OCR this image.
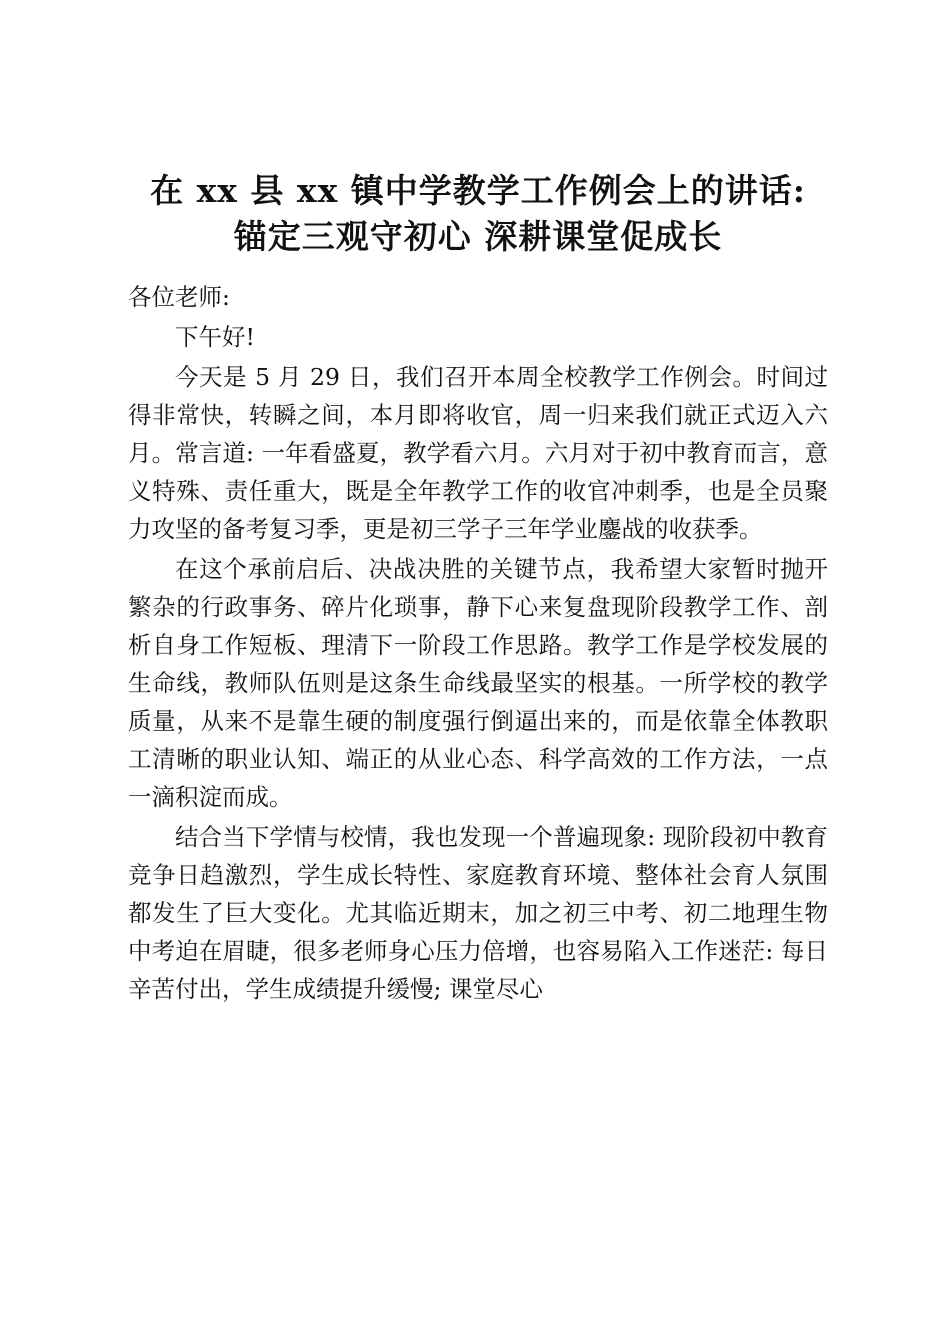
在 xx 县 xx 镇中学教学工作例会上的讲话:
锚定三观守初心 深耕课堂促成长

各位老师:

下午好!

今天是 5 月 29 日，我们召开本周全校教学工作例会。时间过得非常快，转瞬之间，本月即将收官，周一归来我们就正式迈入六月。常言道: 一年看盛夏，教学看六月。六月对于初中教育而言，意义特殊、责任重大，既是全年教学工作的收官冲刺季，也是全员聚力攻坚的备考复习季，更是初三学子三年学业鏖战的收获季。

在这个承前启后、决战决胜的关键节点，我希望大家暂时抛开繁杂的行政事务、碎片化琐事，静下心来复盘现阶段教学工作、剖析自身工作短板、理清下一阶段工作思路。教学工作是学校发展的生命线，教师队伍则是这条生命线最坚实的根基。一所学校的教学质量，从来不是靠生硬的制度强行倒逼出来的，而是依靠全体教职工清晰的职业认知、端正的从业心态、科学高效的工作方法，一点一滴积淀而成。

结合当下学情与校情，我也发现一个普遍现象: 现阶段初中教育竞争日趋激烈，学生成长特性、家庭教育环境、整体社会育人氛围都发生了巨大变化。尤其临近期末，加之初三中考、初二地理生物中考迫在眉睫，很多老师身心压力倍增，也容易陷入工作迷茫: 每日辛苦付出，学生成绩提升缓慢; 课堂尽心
